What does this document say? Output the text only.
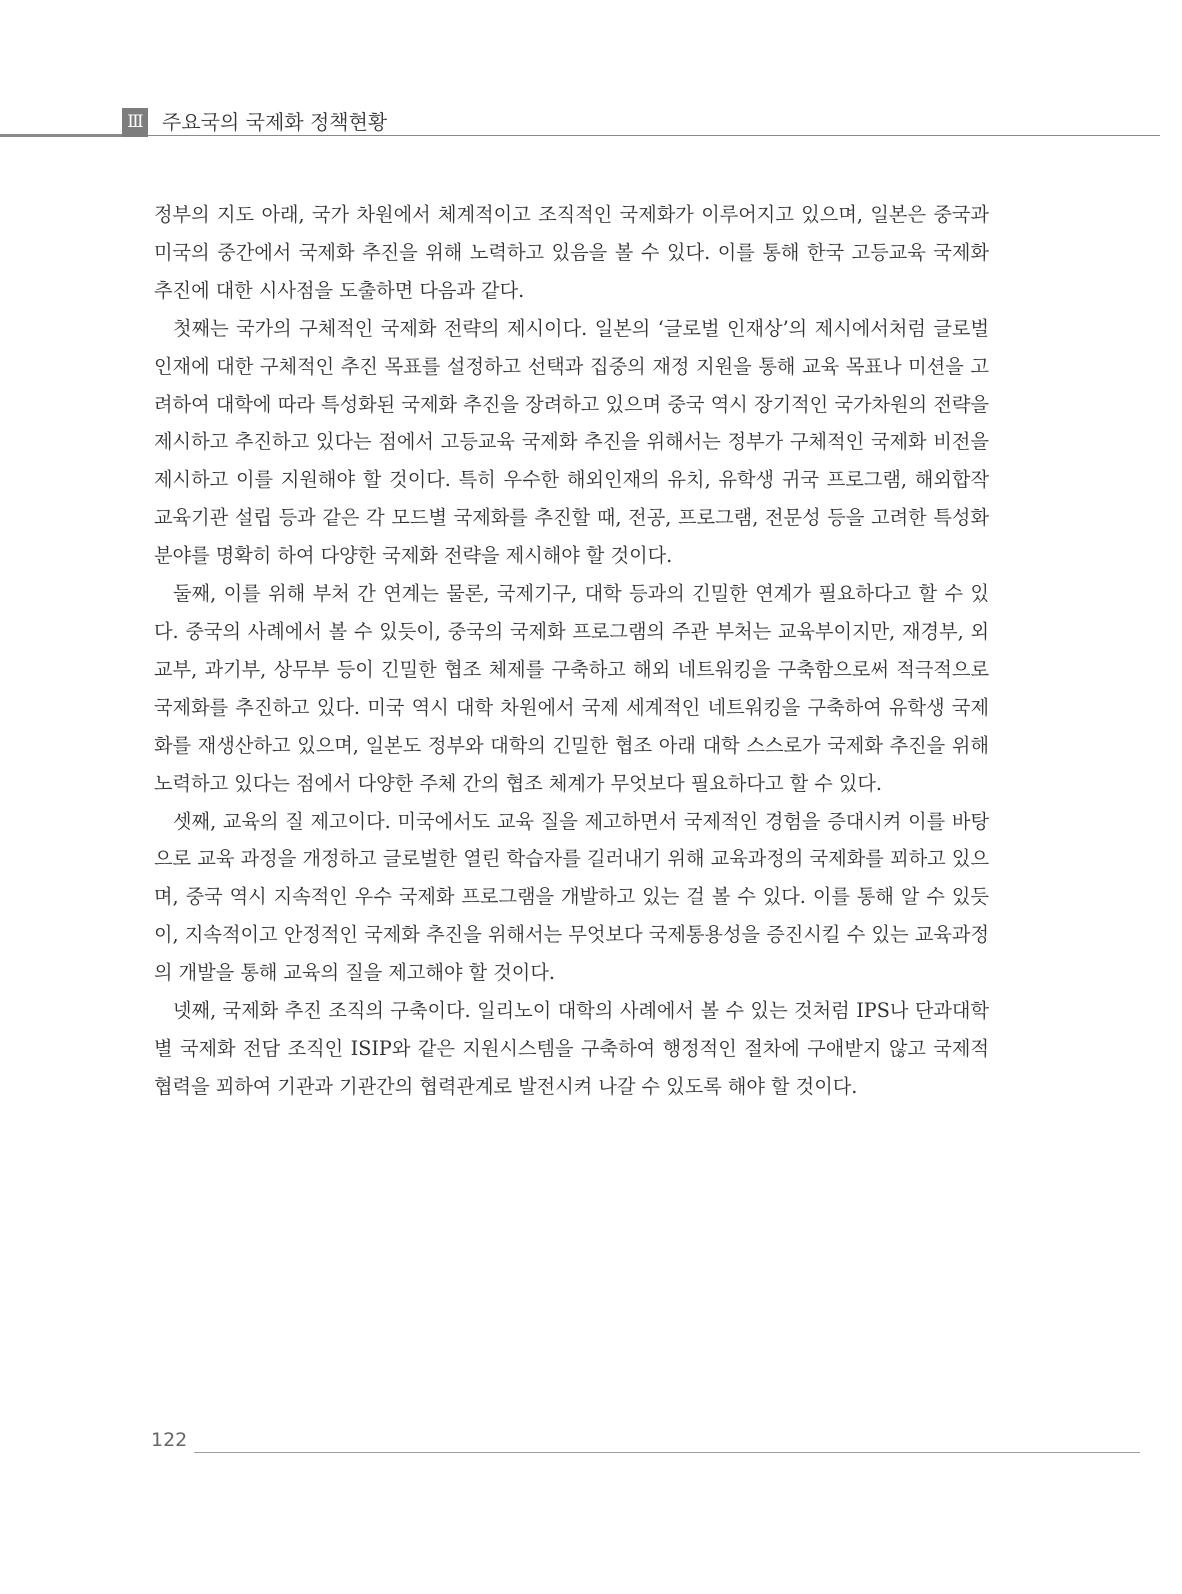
Ⅲ 주요국의 국제화 정책현황

정부의 지도 아래, 국가 차원에서 체계적이고 조직적인 국제화가 이루어지고 있으며, 일본은 중국과 미국의 중간에서 국제화 추진을 위해 노력하고 있음을 볼 수 있다. 이를 통해 한국 고등교육 국제화 추진에 대한 시사점을 도출하면 다음과 같다.

첫째는 국가의 구체적인 국제화 전략의 제시이다. 일본의 ‘글로벌 인재상’의 제시에서처럼 글로벌 인재에 대한 구체적인 추진 목표를 설정하고 선택과 집중의 재정 지원을 통해 교육 목표나 미션을 고려하여 대학에 따라 특성화된 국제화 추진을 장려하고 있으며 중국 역시 장기적인 국가차원의 전략을 제시하고 추진하고 있다는 점에서 고등교육 국제화 추진을 위해서는 정부가 구체적인 국제화 비전을 제시하고 이를 지원해야 할 것이다. 특히 우수한 해외인재의 유치, 유학생 귀국 프로그램, 해외합작 교육기관 설립 등과 같은 각 모드별 국제화를 추진할 때, 전공, 프로그램, 전문성 등을 고려한 특성화 분야를 명확히 하여 다양한 국제화 전략을 제시해야 할 것이다.

둘째, 이를 위해 부처 간 연계는 물론, 국제기구, 대학 등과의 긴밀한 연계가 필요하다고 할 수 있다. 중국의 사례에서 볼 수 있듯이, 중국의 국제화 프로그램의 주관 부처는 교육부이지만, 재경부, 외교부, 과기부, 상무부 등이 긴밀한 협조 체제를 구축하고 해외 네트워킹을 구축함으로써 적극적으로 국제화를 추진하고 있다. 미국 역시 대학 차원에서 국제 세계적인 네트워킹을 구축하여 유학생 국제화를 재생산하고 있으며, 일본도 정부와 대학의 긴밀한 협조 아래 대학 스스로가 국제화 추진을 위해 노력하고 있다는 점에서 다양한 주체 간의 협조 체계가 무엇보다 필요하다고 할 수 있다.

셋째, 교육의 질 제고이다. 미국에서도 교육 질을 제고하면서 국제적인 경험을 증대시켜 이를 바탕으로 교육 과정을 개정하고 글로벌한 열린 학습자를 길러내기 위해 교육과정의 국제화를 꾀하고 있으며, 중국 역시 지속적인 우수 국제화 프로그램을 개발하고 있는 걸 볼 수 있다. 이를 통해 알 수 있듯이, 지속적이고 안정적인 국제화 추진을 위해서는 무엇보다 국제통용성을 증진시킬 수 있는 교육과정의 개발을 통해 교육의 질을 제고해야 할 것이다.

넷째, 국제화 추진 조직의 구축이다. 일리노이 대학의 사례에서 볼 수 있는 것처럼 IPS나 단과대학별 국제화 전담 조직인 ISIP와 같은 지원시스템을 구축하여 행정적인 절차에 구애받지 않고 국제적 협력을 꾀하여 기관과 기관간의 협력관계로 발전시켜 나갈 수 있도록 해야 할 것이다.

122
